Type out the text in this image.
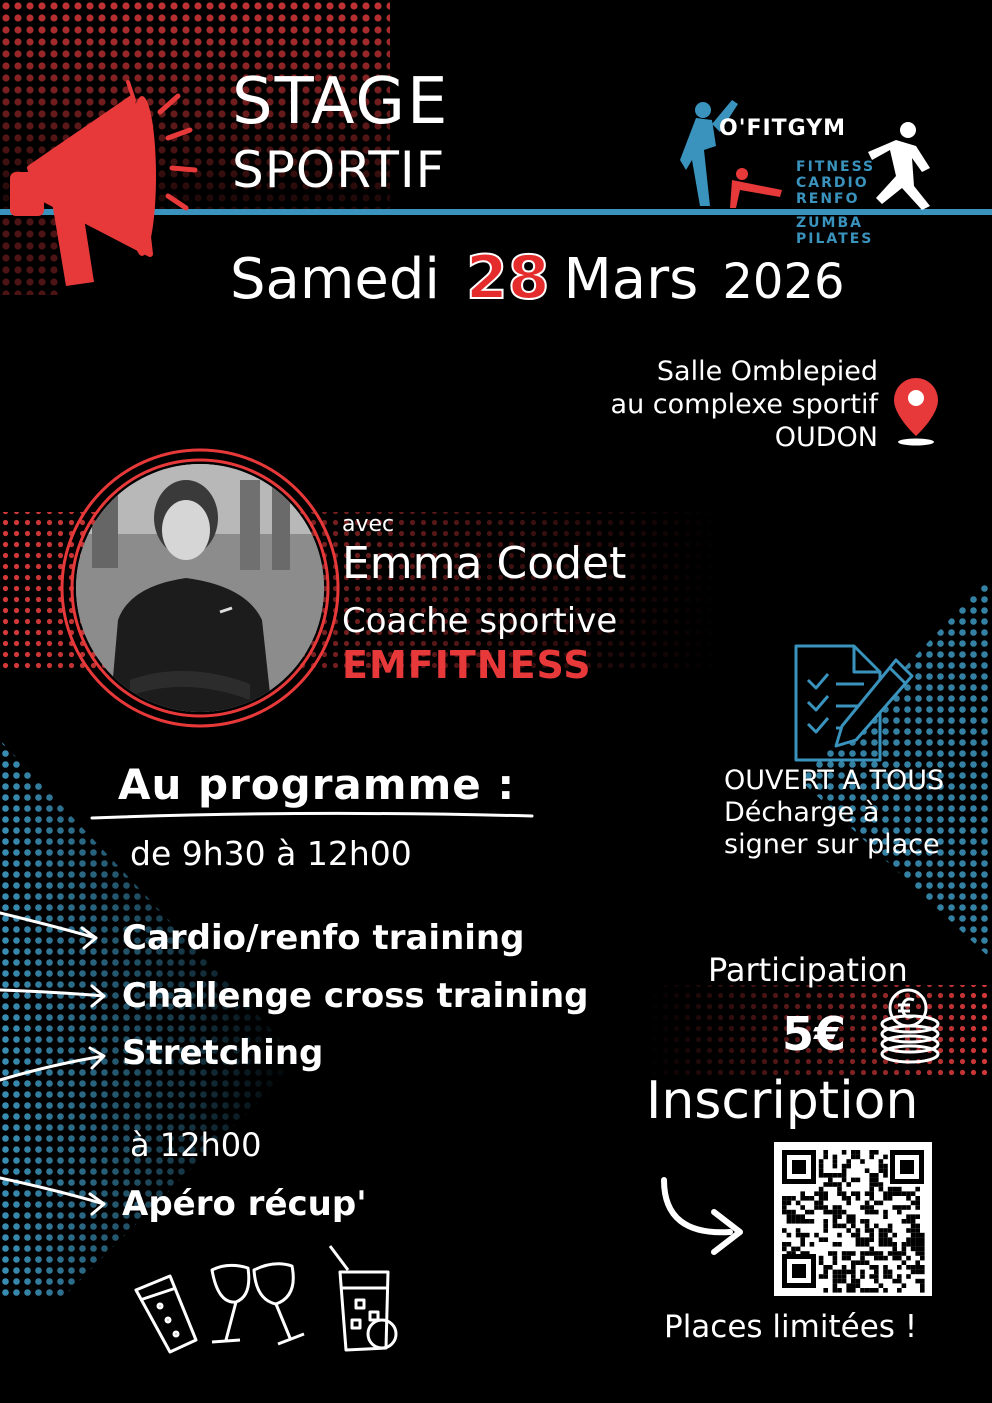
STAGE
SPORTIF
O'FITGYM
FITNESS
CARDIO
RENFO
ZUMBA
PILATES
Samedi 28 Mars 2026
Salle Omblepied
au complexe sportif
OUDON
avec
Emma Codet
Coache sportive
EMFITNESS
Au programme :
de 9h30 à 12h00
Cardio/renfo training
Challenge cross training
Stretching
à 12h00
Apéro récup'
OUVERT A TOUS
Décharge à
signer sur place
Participation
5€
Inscription
Places limitées !
